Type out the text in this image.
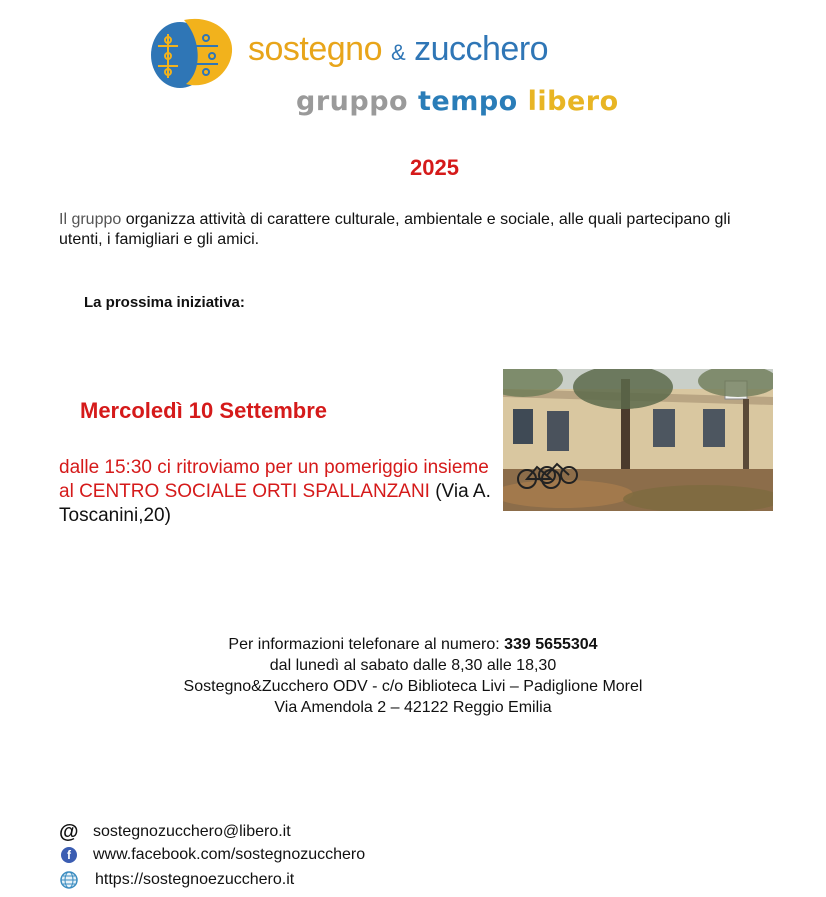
sostegno & zucchero
gruppo tempo libero
2025
Il gruppo organizza attività di carattere culturale, ambientale e sociale, alle quali partecipano gli utenti, i famigliari e gli amici.
La prossima iniziativa:
Mercoledì 10 Settembre
dalle 15:30 ci ritroviamo per un pomeriggio insieme al CENTRO SOCIALE ORTI SPALLANZANI (Via A. Toscanini,20)
Per informazioni telefonare al numero: 339 5655304
dal lunedì al sabato dalle 8,30 alle 18,30
Sostegno&Zucchero ODV - c/o Biblioteca Livi – Padiglione Morel
Via Amendola 2 – 42122 Reggio Emilia
@ sostegnozucchero@libero.it
f www.facebook.com/sostegnozucchero
https://sostegnoezucchero.it
